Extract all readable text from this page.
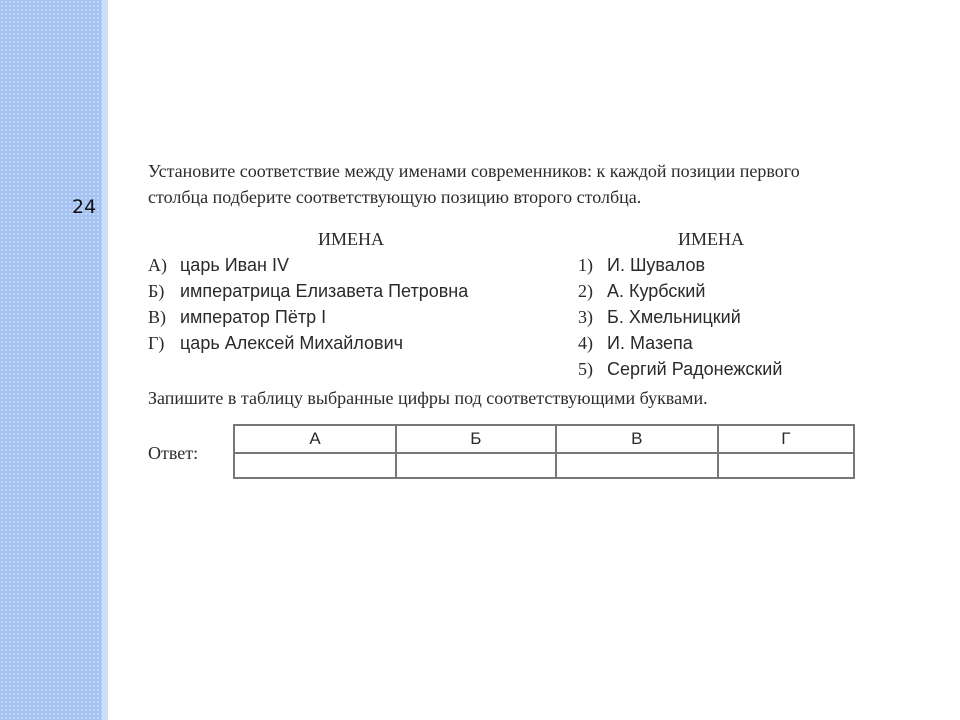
24

Установите соответствие между именами современников: к каждой позиции первого столбца подберите соответствующую позицию второго столбца.

ИМЕНА
А) царь Иван IV
Б) императрица Елизавета Петровна
В) император Пётр I
Г) царь Алексей Михайлович
ИМЕНА
1) И. Шувалов
2) А. Курбский
3) Б. Хмельницкий
4) И. Мазепа
5) Сергий Радонежский

Запишите в таблицу выбранные цифры под соответствующими буквами.

Ответ:
А	Б	В	Г
